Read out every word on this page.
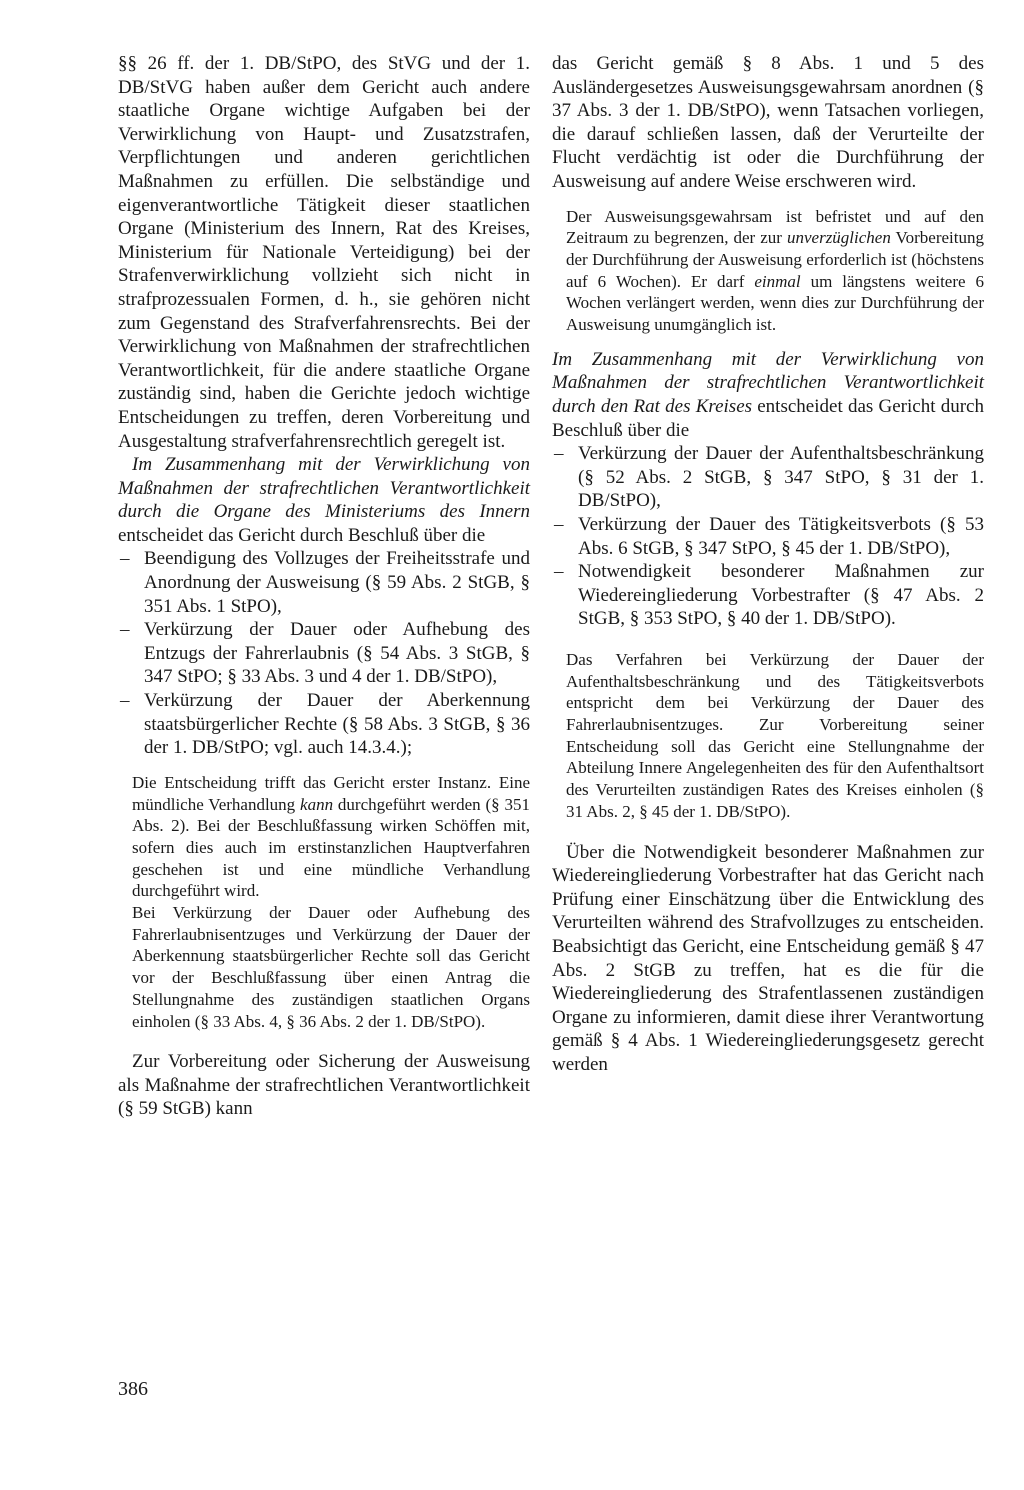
§§ 26 ff. der 1. DB/StPO, des StVG und der 1. DB/StVG haben außer dem Gericht auch andere staatliche Organe wichtige Aufgaben bei der Verwirklichung von Haupt- und Zusatzstrafen, Verpflichtungen und anderen gerichtlichen Maßnahmen zu erfüllen. Die selbständige und eigenverantwortliche Tätigkeit dieser staatlichen Organe (Ministerium des Innern, Rat des Kreises, Ministerium für Nationale Verteidigung) bei der Strafenverwirklichung vollzieht sich nicht in strafprozessualen Formen, d. h., sie gehören nicht zum Gegenstand des Strafverfahrensrechts. Bei der Verwirklichung von Maßnahmen der strafrechtlichen Verantwortlichkeit, für die andere staatliche Organe zuständig sind, haben die Gerichte jedoch wichtige Entscheidungen zu treffen, deren Vorbereitung und Ausgestaltung strafverfahrensrechtlich geregelt ist.

Im Zusammenhang mit der Verwirklichung von Maßnahmen der strafrechtlichen Verantwortlichkeit durch die Organe des Ministeriums des Innern entscheidet das Gericht durch Beschluß über die

– Beendigung des Vollzuges der Freiheitsstrafe und Anordnung der Ausweisung (§ 59 Abs. 2 StGB, § 351 Abs. 1 StPO),
– Verkürzung der Dauer oder Aufhebung des Entzugs der Fahrerlaubnis (§ 54 Abs. 3 StGB, § 347 StPO; § 33 Abs. 3 und 4 der 1. DB/StPO),
– Verkürzung der Dauer der Aberkennung staatsbürgerlicher Rechte (§ 58 Abs. 3 StGB, § 36 der 1. DB/StPO; vgl. auch 14.3.4.);

Die Entscheidung trifft das Gericht erster Instanz. Eine mündliche Verhandlung kann durchgeführt werden (§ 351 Abs. 2). Bei der Beschlußfassung wirken Schöffen mit, sofern dies auch im erstinstanzlichen Hauptverfahren geschehen ist und eine mündliche Verhandlung durchgeführt wird.

Bei Verkürzung der Dauer oder Aufhebung des Fahrerlaubnisentzuges und Verkürzung der Dauer der Aberkennung staatsbürgerlicher Rechte soll das Gericht vor der Beschlußfassung über einen Antrag die Stellungnahme des zuständigen staatlichen Organs einholen (§ 33 Abs. 4, § 36 Abs. 2 der 1. DB/StPO).

Zur Vorbereitung oder Sicherung der Ausweisung als Maßnahme der strafrechtlichen Verantwortlichkeit (§ 59 StGB) kann

das Gericht gemäß § 8 Abs. 1 und 5 des Ausländergesetzes Ausweisungsgewahrsam anordnen (§ 37 Abs. 3 der 1. DB/StPO), wenn Tatsachen vorliegen, die darauf schließen lassen, daß der Verurteilte der Flucht verdächtig ist oder die Durchführung der Ausweisung auf andere Weise erschweren wird.

Der Ausweisungsgewahrsam ist befristet und auf den Zeitraum zu begrenzen, der zur unverzüglichen Vorbereitung der Durchführung der Ausweisung erforderlich ist (höchstens auf 6 Wochen). Er darf einmal um längstens weitere 6 Wochen verlängert werden, wenn dies zur Durchführung der Ausweisung unumgänglich ist.

Im Zusammenhang mit der Verwirklichung von Maßnahmen der strafrechtlichen Verantwortlichkeit durch den Rat des Kreises entscheidet das Gericht durch Beschluß über die

– Verkürzung der Dauer der Aufenthaltsbeschränkung (§ 52 Abs. 2 StGB, § 347 StPO, § 31 der 1. DB/StPO),
– Verkürzung der Dauer des Tätigkeitsverbots (§ 53 Abs. 6 StGB, § 347 StPO, § 45 der 1. DB/StPO),
– Notwendigkeit besonderer Maßnahmen zur Wiedereingliederung Vorbestrafter (§ 47 Abs. 2 StGB, § 353 StPO, § 40 der 1. DB/StPO).

Das Verfahren bei Verkürzung der Dauer der Aufenthaltsbeschränkung und des Tätigkeitsverbots entspricht dem bei Verkürzung der Dauer des Fahrerlaubnisentzuges. Zur Vorbereitung seiner Entscheidung soll das Gericht eine Stellungnahme der Abteilung Innere Angelegenheiten des für den Aufenthaltsort des Verurteilten zuständigen Rates des Kreises einholen (§ 31 Abs. 2, § 45 der 1. DB/StPO).

Über die Notwendigkeit besonderer Maßnahmen zur Wiedereingliederung Vorbestrafter hat das Gericht nach Prüfung einer Einschätzung über die Entwicklung des Verurteilten während des Strafvollzuges zu entscheiden. Beabsichtigt das Gericht, eine Entscheidung gemäß § 47 Abs. 2 StGB zu treffen, hat es die für die Wiedereingliederung des Strafentlassenen zuständigen Organe zu informieren, damit diese ihrer Verantwortung gemäß § 4 Abs. 1 Wiedereingliederungsgesetz gerecht werden

386
